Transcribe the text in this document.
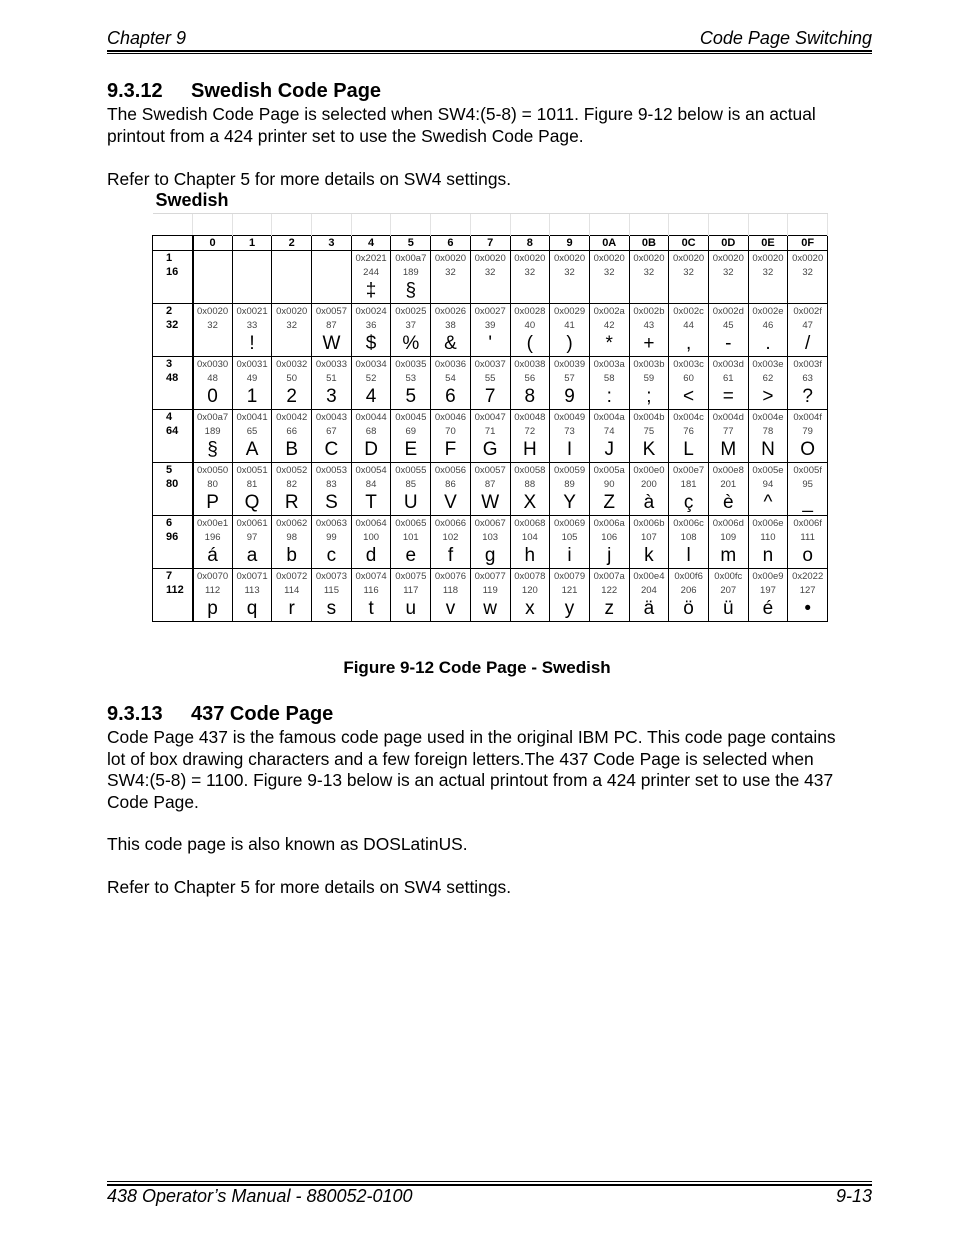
Chapter 9	Code Page Switching
9.3.12 Swedish Code Page
The Swedish Code Page is selected when SW4:(5-8) = 1011. Figure 9-12 below is an actual printout from a 424 printer set to use the Swedish Code Page.
Refer to Chapter 5 for more details on SW4 settings.
Swedish																

	0	1	2	3	4	5	6	7	8	9	0A	0B	0C	0D	0E	0F
1					0x2021	0x00a7	0x0020	0x0020	0x0020	0x0020	0x0020	0x0020	0x0020	0x0020	0x0020	0x0020
16					244	189	32	32	32	32	32	32	32	32	32	32
					‡	§										
2	0x0020	0x0021	0x0020	0x0057	0x0024	0x0025	0x0026	0x0027	0x0028	0x0029	0x002a	0x002b	0x002c	0x002d	0x002e	0x002f
32	32	33	32	87	36	37	38	39	40	41	42	43	44	45	46	47
		!		W	$	%	&	'	(	)	*	+	,	-	.	/
3	0x0030	0x0031	0x0032	0x0033	0x0034	0x0035	0x0036	0x0037	0x0038	0x0039	0x003a	0x003b	0x003c	0x003d	0x003e	0x003f
48	48	49	50	51	52	53	54	55	56	57	58	59	60	61	62	63
	0	1	2	3	4	5	6	7	8	9	:	;	<	=	>	?
4	0x00a7	0x0041	0x0042	0x0043	0x0044	0x0045	0x0046	0x0047	0x0048	0x0049	0x004a	0x004b	0x004c	0x004d	0x004e	0x004f
64	189	65	66	67	68	69	70	71	72	73	74	75	76	77	78	79
	§	A	B	C	D	E	F	G	H	I	J	K	L	M	N	O
5	0x0050	0x0051	0x0052	0x0053	0x0054	0x0055	0x0056	0x0057	0x0058	0x0059	0x005a	0x00e0	0x00e7	0x00e8	0x005e	0x005f
80	80	81	82	83	84	85	86	87	88	89	90	200	181	201	94	95
	P	Q	R	S	T	U	V	W	X	Y	Z	à	ç	è	^	_
6	0x00e1	0x0061	0x0062	0x0063	0x0064	0x0065	0x0066	0x0067	0x0068	0x0069	0x006a	0x006b	0x006c	0x006d	0x006e	0x006f
96	196	97	98	99	100	101	102	103	104	105	106	107	108	109	110	111
	á	a	b	c	d	e	f	g	h	i	j	k	l	m	n	o
7	0x0070	0x0071	0x0072	0x0073	0x0074	0x0075	0x0076	0x0077	0x0078	0x0079	0x007a	0x00e4	0x00f6	0x00fc	0x00e9	0x2022
112	112	113	114	115	116	117	118	119	120	121	122	204	206	207	197	127
	p	q	r	s	t	u	v	w	x	y	z	ä	ö	ü	é	•
Figure 9-12 Code Page - Swedish
9.3.13 437 Code Page
Code Page 437 is the famous code page used in the original IBM PC. This code page contains lot of box drawing characters and a few foreign letters.The 437 Code Page is selected when SW4:(5-8) = 1100. Figure 9-13 below is an actual printout from a 424 printer set to use the 437 Code Page.
This code page is also known as DOSLatinUS.
Refer to Chapter 5 for more details on SW4 settings.
438 Operator’s Manual - 880052-0100	9-13
